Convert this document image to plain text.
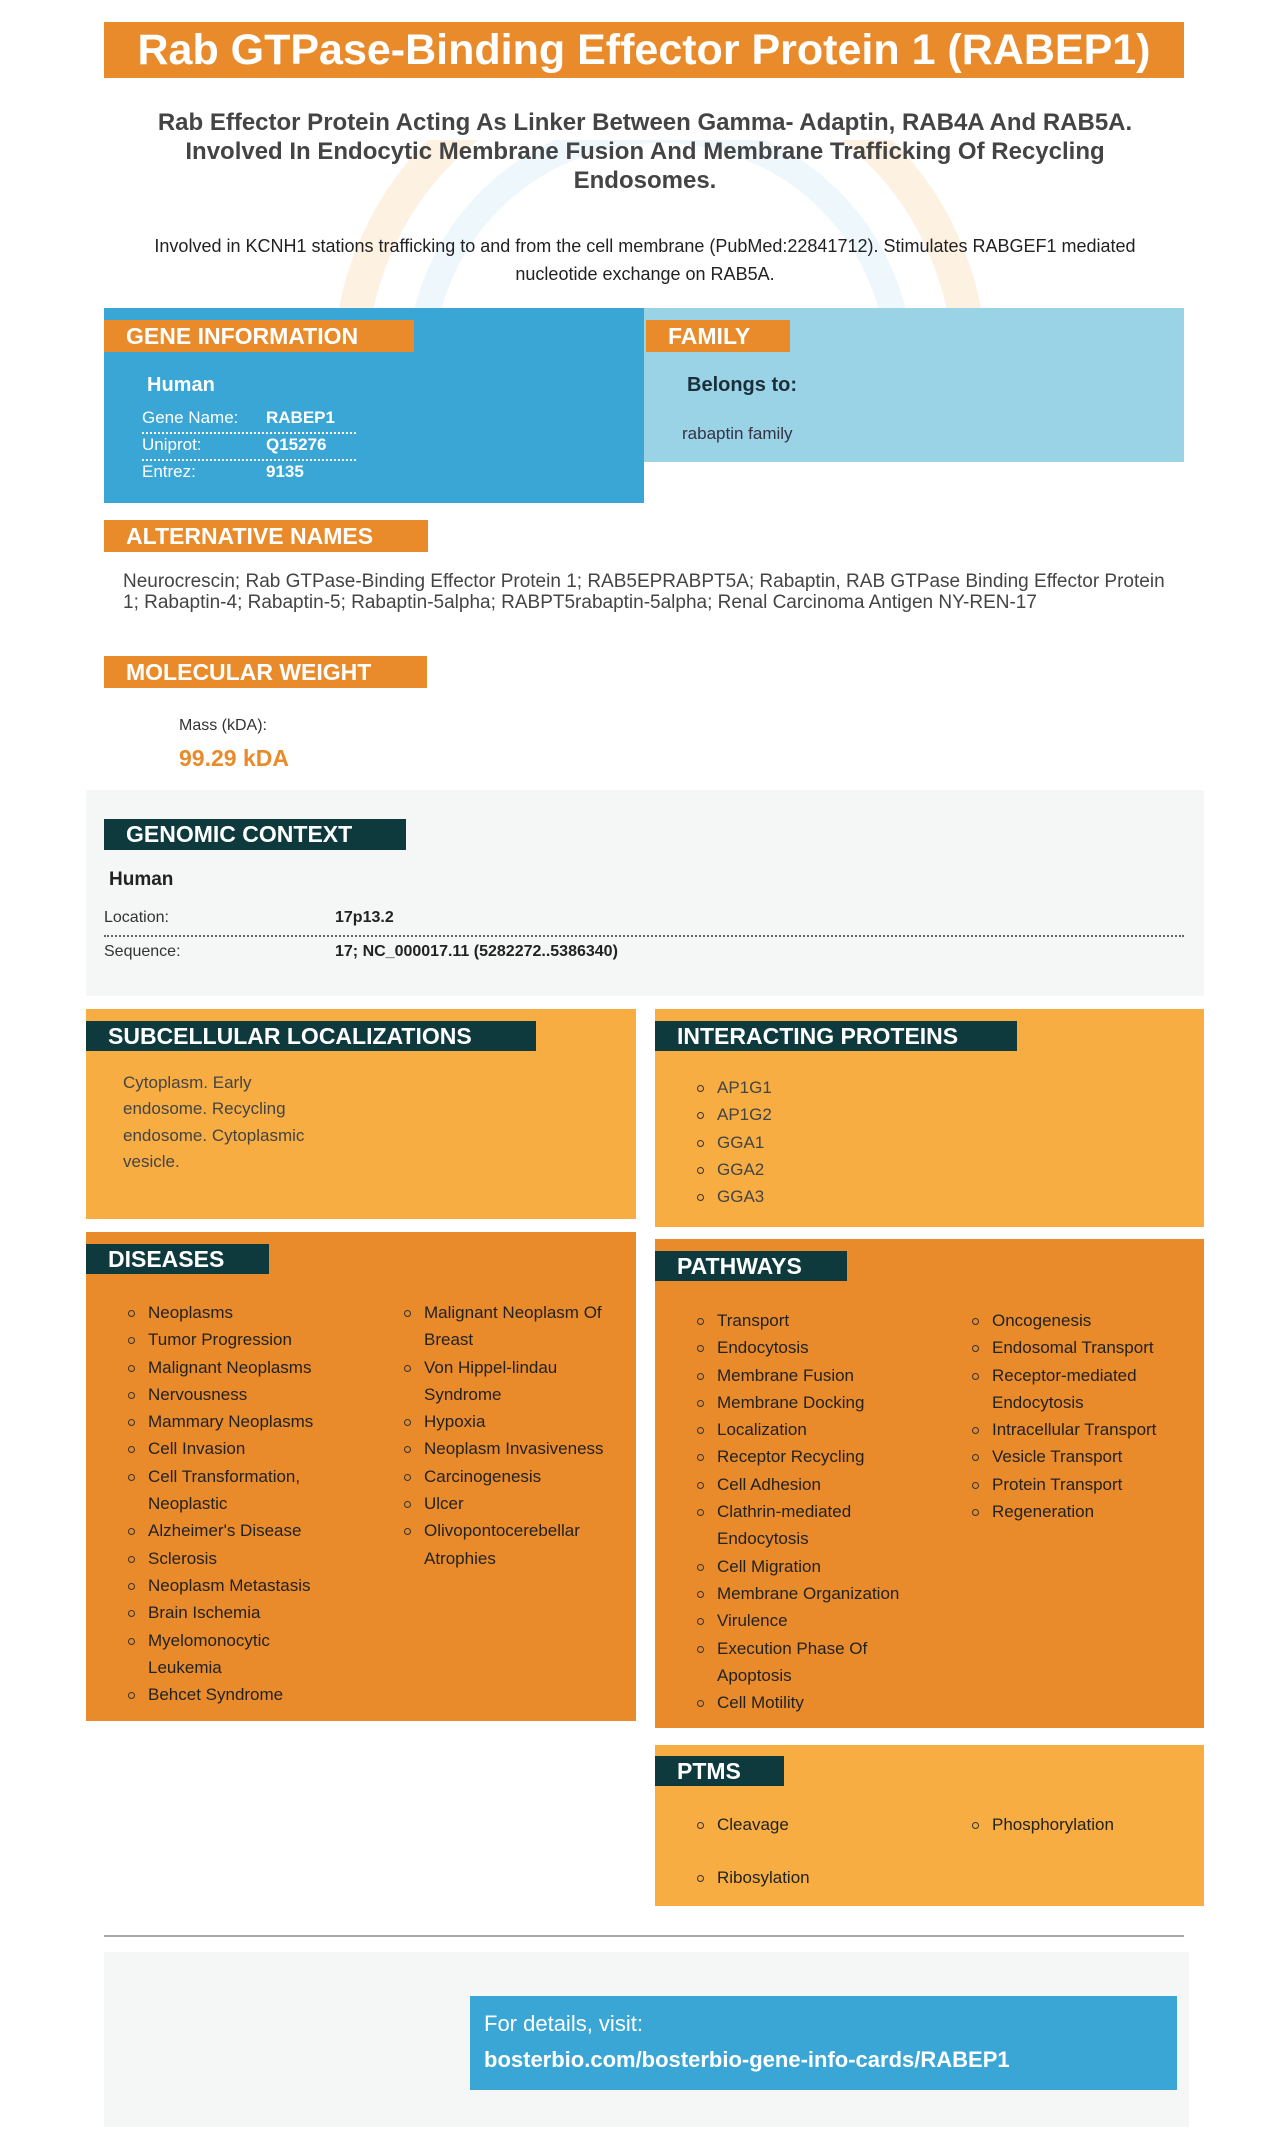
Rab GTPase-Binding Effector Protein 1 (RABEP1)
Rab Effector Protein Acting As Linker Between Gamma- Adaptin, RAB4A And RAB5A. Involved In Endocytic Membrane Fusion And Membrane Trafficking Of Recycling Endosomes.
Involved in KCNH1 stations trafficking to and from the cell membrane (PubMed:22841712). Stimulates RABGEF1 mediated nucleotide exchange on RAB5A.
GENE INFORMATION
Human
Gene Name: RABEP1
Uniprot:	Q15276
Entrez:	9135
FAMILY
Belongs to:
rabaptin family
ALTERNATIVE NAMES
Neurocrescin; Rab GTPase-Binding Effector Protein 1; RAB5EPRABPT5A; Rabaptin, RAB GTPase Binding Effector Protein 1; Rabaptin-4; Rabaptin-5; Rabaptin-5alpha; RABPT5rabaptin-5alpha; Renal Carcinoma Antigen NY-REN-17
MOLECULAR WEIGHT
Mass (kDA):
99.29 kDA
GENOMIC CONTEXT
Human
Location:	17p13.2
Sequence:	17; NC_000017.11 (5282272..5386340)
SUBCELLULAR LOCALIZATIONS
Cytoplasm. Early
endosome. Recycling
endosome. Cytoplasmic
vesicle.
INTERACTING PROTEINS
AP1G1
AP1G2
GGA1
GGA2
GGA3
DISEASES
Neoplasms
Tumor Progression
Malignant Neoplasms
Nervousness
Mammary Neoplasms
Cell Invasion
Cell Transformation, Neoplastic
Alzheimer's Disease
Sclerosis
Neoplasm Metastasis
Brain Ischemia
Myelomonocytic Leukemia
Behcet Syndrome
Malignant Neoplasm Of Breast
Von Hippel-lindau Syndrome
Hypoxia
Neoplasm Invasiveness
Carcinogenesis
Ulcer
Olivopontocerebellar Atrophies
PATHWAYS
Transport
Endocytosis
Membrane Fusion
Membrane Docking
Localization
Receptor Recycling
Cell Adhesion
Clathrin-mediated Endocytosis
Cell Migration
Membrane Organization
Virulence
Execution Phase Of Apoptosis
Cell Motility
Oncogenesis
Endosomal Transport
Receptor-mediated Endocytosis
Intracellular Transport
Vesicle Transport
Protein Transport
Regeneration
PTMS
Cleavage
Ribosylation
Phosphorylation
For details, visit:
bosterbio.com/bosterbio-gene-info-cards/RABEP1
